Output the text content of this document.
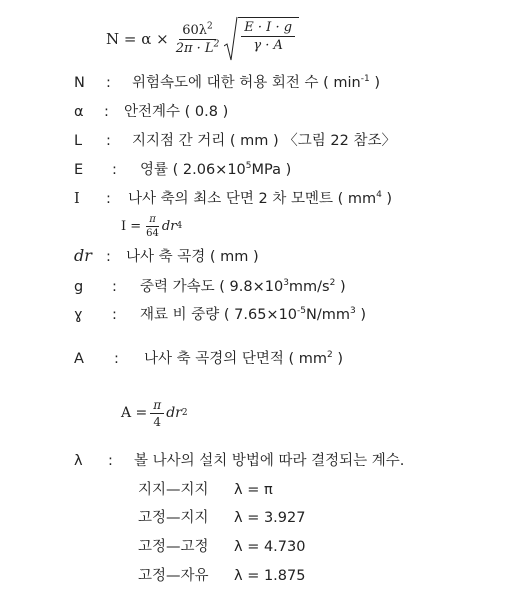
$N = \alpha \times \frac{60\lambda^2}{2\pi \cdot L^2} \frac{E \cdot I \cdot g}{\gamma \cdot A}$
N : 위험속도에 대한 허용 회전 수 ( $\min^{-1}$ )
α : 안전계수 ( 0.8 )
L : 지지점 간 거리 ( mm ) 〈그림 22 참조〉
E : 영률 ( $2.06\times 10^5MPa$ )
I : 나사 축의 최소 단면 2 차 모멘트 ( $mm^4$ )
$I = \frac{\pi}{64}$ dr 4
dr : 나사 축 곡경 ( mm )
g : 중력 가속도 ( $9.8\times 10^3mm/s^2$ )
ɣ : 재료 비 중량 ( $7.65\times 10^{-5}N/mm^3$ )
A : 나사 축 곡경의 단면적 ( $mm^2$ )
$A = \frac{\pi}{4}$ dr 2
λ : 볼 나사의 설치 방법에 따라 결정되는 계수.
지지—지지 λ = π
고정—지지 λ = 3.927
고정—고정 λ = 4.730
고정—자유 λ = 1.875
